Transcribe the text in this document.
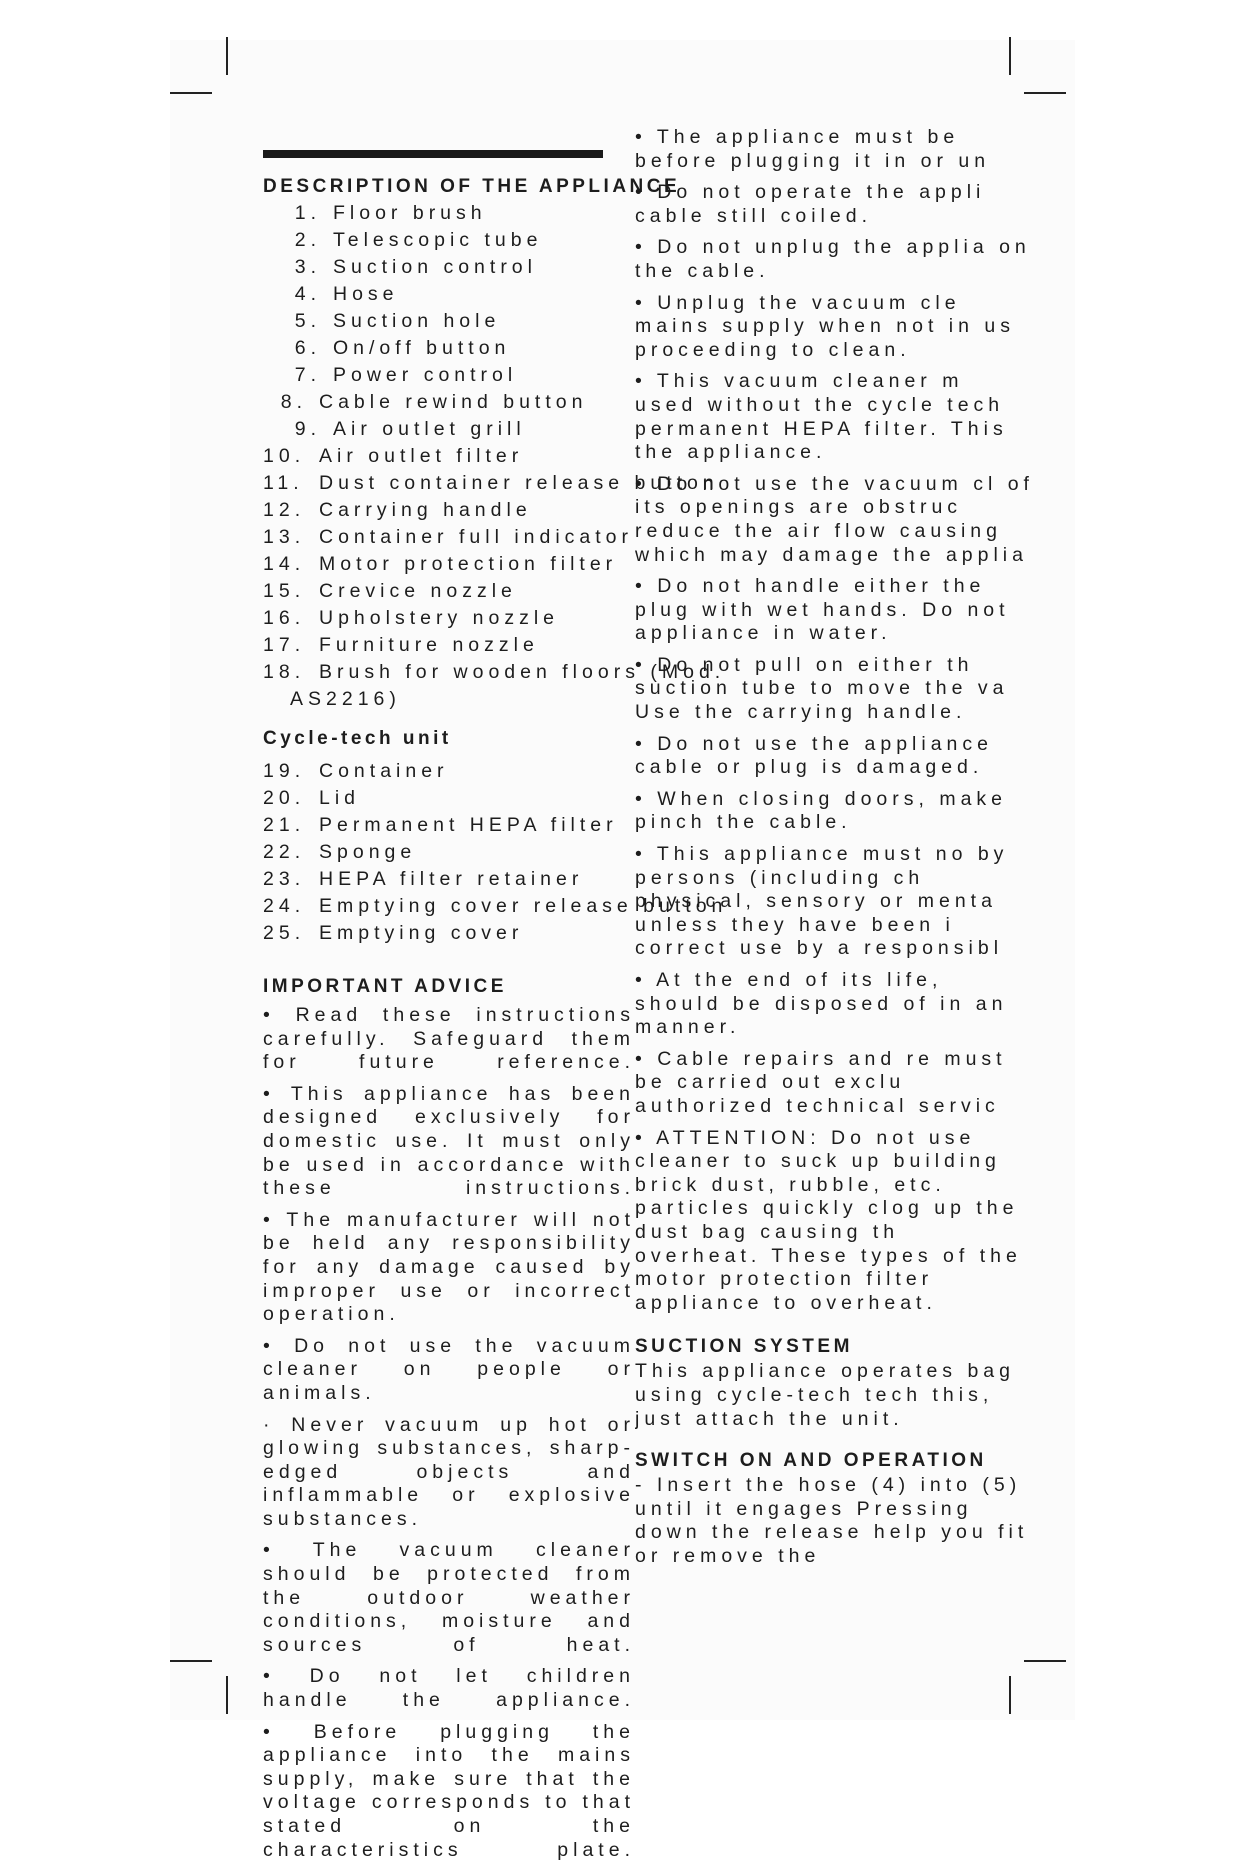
DESCRIPTION OF THE APPLIANCE
1. Floor brush
2. Telescopic tube
3. Suction control
4. Hose
5. Suction hole
6. On/off button
7. Power control
8. Cable rewind button
9. Air outlet grill
10. Air outlet filter
11. Dust container release button
12. Carrying handle
13. Container full indicator
14. Motor protection filter
15. Crevice nozzle
16. Upholstery nozzle
17. Furniture nozzle
18. Brush for wooden floors (Mod.
AS2216)
Cycle-tech unit
19. Container
20. Lid
21. Permanent HEPA filter
22. Sponge
23. HEPA filter retainer
24. Emptying cover release button
25. Emptying cover
IMPORTANT ADVICE
• Read these instructions carefully. Safeguard them for future reference.
• This appliance has been designed exclusively for domestic use. It must only be used in accordance with these instructions.
• The manufacturer will not be held any responsibility for any damage caused by improper use or incorrect operation.
• Do not use the vacuum cleaner on people or animals.
· Never vacuum up hot or glowing substances, sharp-edged objects and inflammable or explosive substances.
• The vacuum cleaner should be protected from the outdoor weather conditions, moisture and sources of heat.
• Do not let children handle the appliance.
• Before plugging the appliance into the mains supply, make sure that the voltage corresponds to that stated on the characteristics plate.
• The appliance must be before plugging it in or un
• Do not operate the appli cable still coiled.
• Do not unplug the applia on the cable.
• Unplug the vacuum cle mains supply when not in us proceeding to clean.
• This vacuum cleaner m used without the cycle tech permanent HEPA filter. This the appliance.
• Do not use the vacuum cl of its openings are obstruc reduce the air flow causing which may damage the applia
• Do not handle either the plug with wet hands. Do not appliance in water.
• Do not pull on either th suction tube to move the va Use the carrying handle.
• Do not use the appliance cable or plug is damaged.
• When closing doors, make pinch the cable.
• This appliance must no by persons (including ch physical, sensory or menta unless they have been i correct use by a responsibl
• At the end of its life, should be disposed of in an manner.
• Cable repairs and re must be carried out exclu authorized technical servic
• ATTENTION: Do not use cleaner to suck up building brick dust, rubble, etc. particles quickly clog up the dust bag causing th overheat. These types of the motor protection filter appliance to overheat.
SUCTION SYSTEM
This appliance operates bag using cycle-tech tech this, just attach the unit.
SWITCH ON AND OPERATION
- Insert the hose (4) into (5) until it engages Pressing down the release help you fit or remove the
